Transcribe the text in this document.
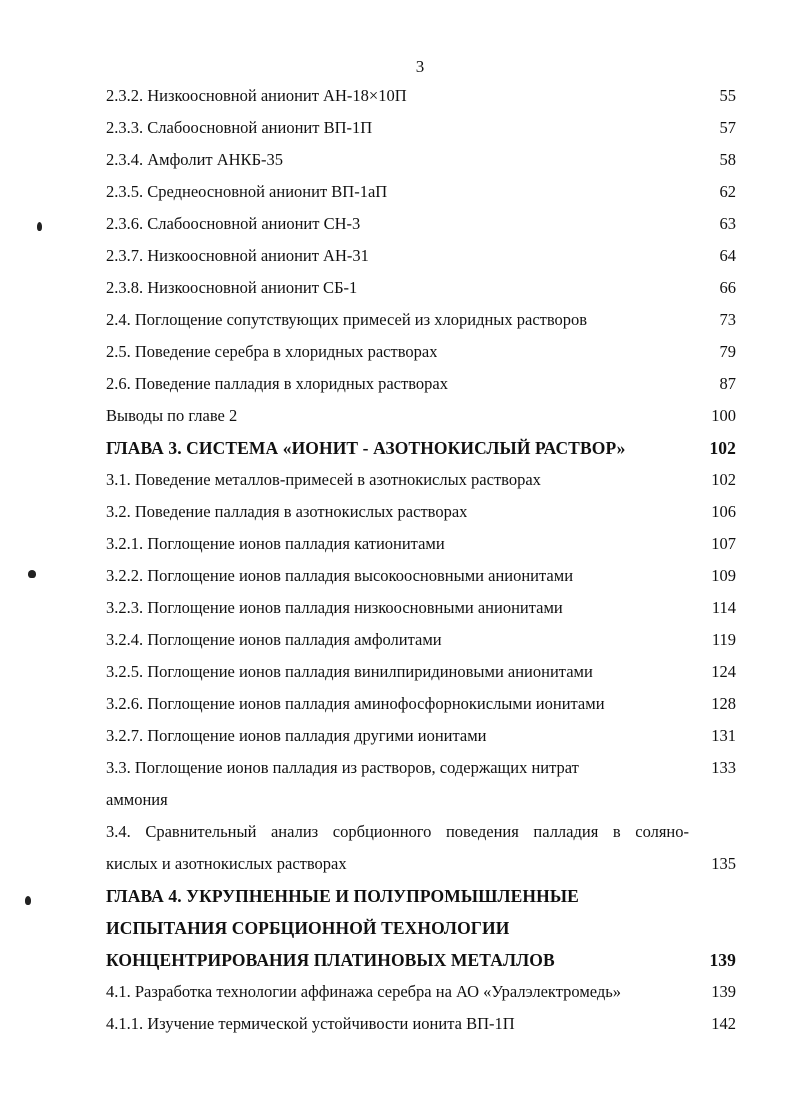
3
2.3.2. Низкоосновной анионит АН-18×10П	55
2.3.3. Слабоосновной анионит ВП-1П	57
2.3.4. Амфолит АНКБ-35	58
2.3.5. Среднеосновной анионит ВП-1аП	62
2.3.6. Слабоосновной анионит СН-3	63
2.3.7. Низкоосновной анионит АН-31	64
2.3.8. Низкоосновной анионит СБ-1	66
2.4. Поглощение сопутствующих примесей из хлоридных растворов	73
2.5. Поведение серебра в хлоридных растворах	79
2.6. Поведение палладия в хлоридных растворах	87
Выводы по главе 2	100
ГЛАВА 3. СИСТЕМА «ИОНИТ - АЗОТНОКИСЛЫЙ РАСТВОР»	102
3.1. Поведение металлов-примесей в азотнокислых растворах	102
3.2. Поведение палладия в азотнокислых растворах	106
3.2.1. Поглощение ионов палладия катионитами	107
3.2.2. Поглощение ионов палладия высокоосновными анионитами	109
3.2.3. Поглощение ионов палладия низкоосновными анионитами	114
3.2.4. Поглощение ионов палладия амфолитами	119
3.2.5. Поглощение ионов палладия винилпиридиновыми анионитами	124
3.2.6. Поглощение ионов палладия аминофосфорнокислыми ионитами	128
3.2.7. Поглощение ионов палладия другими ионитами	131
3.3. Поглощение ионов палладия из растворов, содержащих нитрат	133
аммония
3.4. Сравнительный анализ сорбционного поведения палладия в солянo-
кислых и азотнокислых растворах	135
ГЛАВА 4. УКРУПНЕННЫЕ И ПОЛУПРОМЫШЛЕННЫЕ
ИСПЫТАНИЯ СОРБЦИОННОЙ ТЕХНОЛОГИИ
КОНЦЕНТРИРОВАНИЯ ПЛАТИНОВЫХ МЕТАЛЛОВ	139
4.1. Разработка технологии аффинажа серебра на АО «Уралэлектромедь»	139
4.1.1. Изучение термической устойчивости ионита ВП-1П	142
